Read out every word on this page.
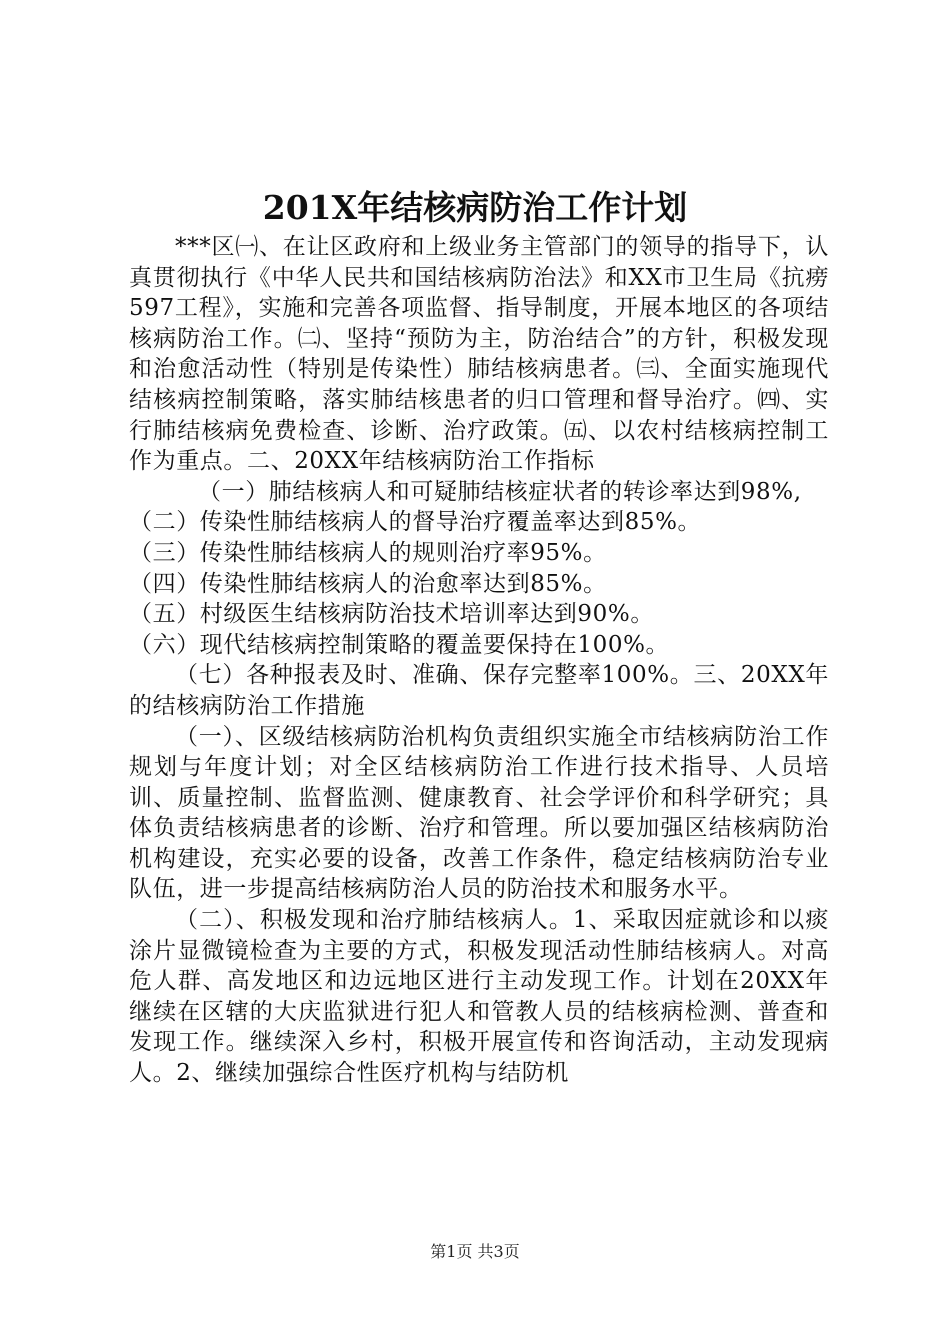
201X年结核病防治工作计划

***区㈠、在让区政府和上级业务主管部门的领导的指导下，认真贯彻执行《中华人民共和国结核病防治法》和XX市卫生局《抗痨597工程》，实施和完善各项监督、指导制度，开展本地区的各项结核病防治工作。㈡、坚持“预防为主，防治结合”的方针，积极发现和治愈活动性（特别是传染性）肺结核病患者。㈢、全面实施现代结核病控制策略，落实肺结核患者的归口管理和督导治疗。㈣、实行肺结核病免费检查、诊断、治疗政策。㈤、以农村结核病控制工作为重点。二、20XX年结核病防治工作指标

（一）肺结核病人和可疑肺结核症状者的转诊率达到98%,

（二）传染性肺结核病人的督导治疗覆盖率达到85%。

（三）传染性肺结核病人的规则治疗率95%。

（四）传染性肺结核病人的治愈率达到85%。

（五）村级医生结核病防治技术培训率达到90%。

（六）现代结核病控制策略的覆盖要保持在100%。

（七）各种报表及时、准确、保存完整率100%。三、20XX年的结核病防治工作措施

（一）、区级结核病防治机构负责组织实施全市结核病防治工作规划与年度计划；对全区结核病防治工作进行技术指导、人员培训、质量控制、监督监测、健康教育、社会学评价和科学研究；具体负责结核病患者的诊断、治疗和管理。所以要加强区结核病防治机构建设，充实必要的设备，改善工作条件，稳定结核病防治专业队伍，进一步提高结核病防治人员的防治技术和服务水平。

（二）、积极发现和治疗肺结核病人。1、采取因症就诊和以痰涂片显微镜检查为主要的方式，积极发现活动性肺结核病人。对高危人群、高发地区和边远地区进行主动发现工作。计划在20XX年继续在区辖的大庆监狱进行犯人和管教人员的结核病检测、普查和发现工作。继续深入乡村，积极开展宣传和咨询活动，主动发现病人。2、继续加强综合性医疗机构与结防机

第1页 共3页
